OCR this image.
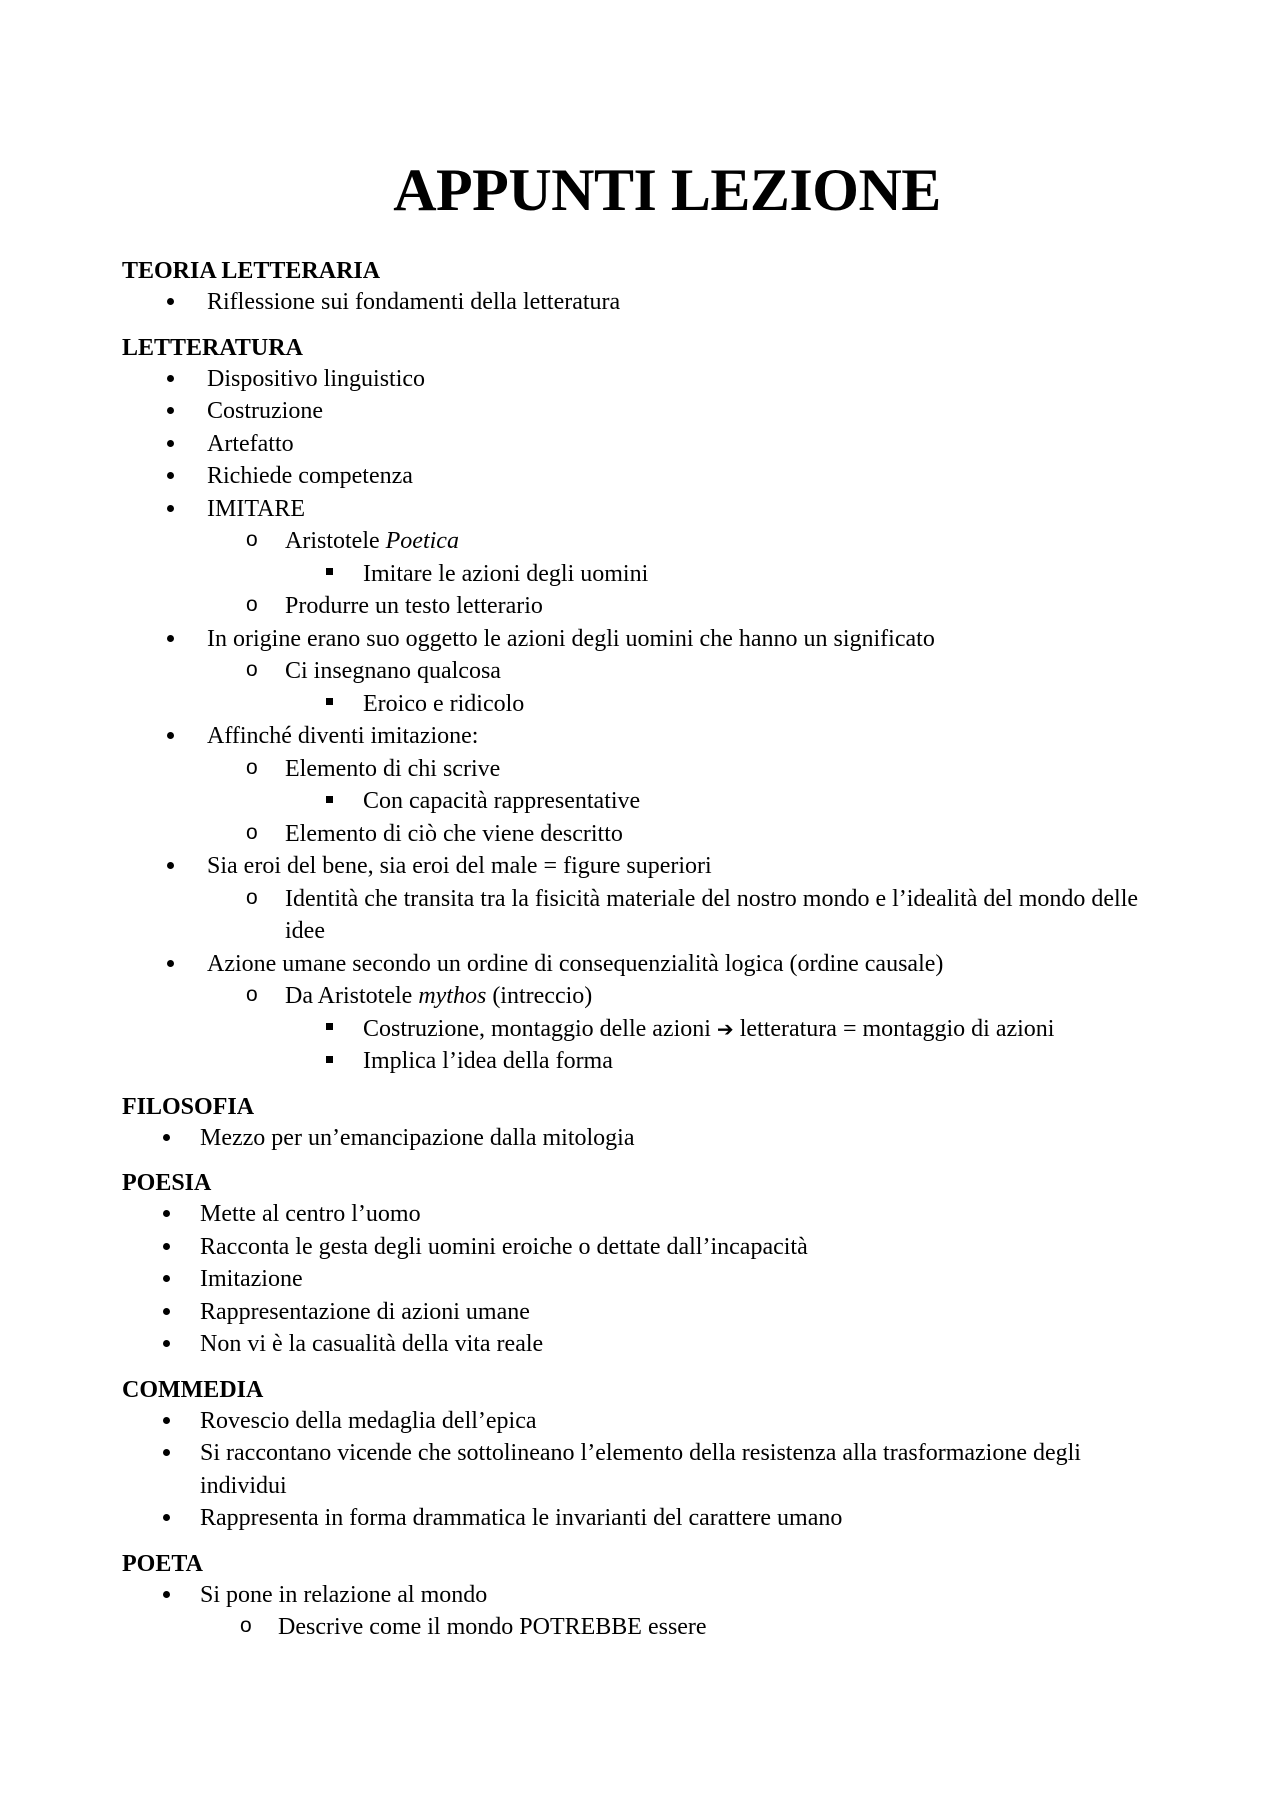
APPUNTI LEZIONE
TEORIA LETTERARIA
Riflessione sui fondamenti della letteratura
LETTERATURA
Dispositivo linguistico
Costruzione
Artefatto
Richiede competenza
IMITARE
o Aristotele Poetica
Imitare le azioni degli uomini
o Produrre un testo letterario
In origine erano suo oggetto le azioni degli uomini che hanno un significato
o Ci insegnano qualcosa
Eroico e ridicolo
Affinché diventi imitazione:
o Elemento di chi scrive
Con capacità rappresentative
o Elemento di ciò che viene descritto
Sia eroi del bene, sia eroi del male = figure superiori
o Identità che transita tra la fisicità materiale del nostro mondo e l’idealità del mondo delle idee
Azione umane secondo un ordine di consequenzialità logica (ordine causale)
o Da Aristotele mythos (intreccio)
Costruzione, montaggio delle azioni ➔ letteratura = montaggio di azioni
Implica l’idea della forma
FILOSOFIA
Mezzo per un’emancipazione dalla mitologia
POESIA
Mette al centro l’uomo
Racconta le gesta degli uomini eroiche o dettate dall’incapacità
Imitazione
Rappresentazione di azioni umane
Non vi è la casualità della vita reale
COMMEDIA
Rovescio della medaglia dell’epica
Si raccontano vicende che sottolineano l’elemento della resistenza alla trasformazione degli individui
Rappresenta in forma drammatica le invarianti del carattere umano
POETA
Si pone in relazione al mondo
o Descrive come il mondo POTREBBE essere
